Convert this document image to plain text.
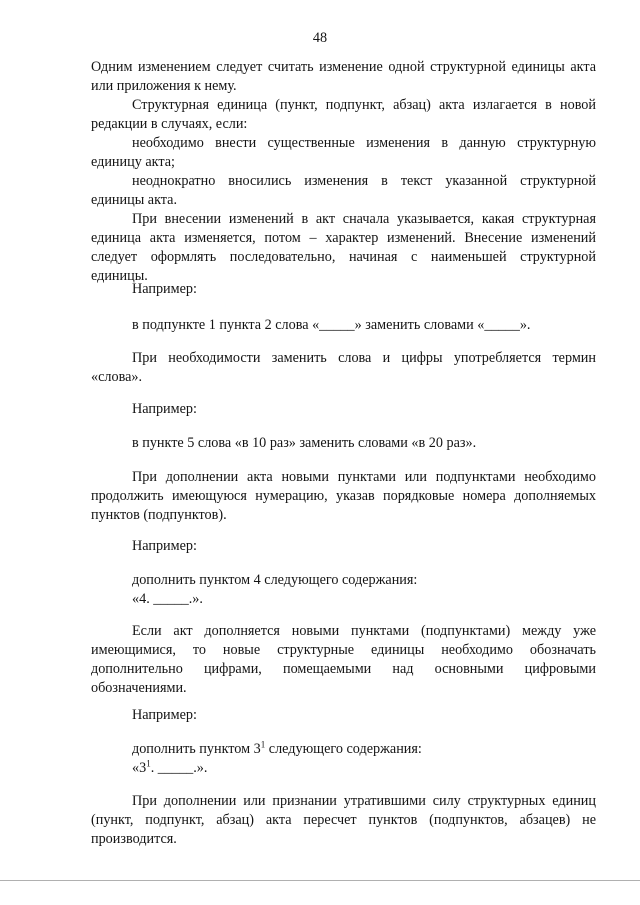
48

Одним изменением следует считать изменение одной структурной единицы акта или приложения к нему.

Структурная единица (пункт, подпункт, абзац) акта излагается в новой редакции в случаях, если:

необходимо внести существенные изменения в данную структурную единицу акта;

неоднократно вносились изменения в текст указанной структурной единицы акта.

При внесении изменений в акт сначала указывается, какая структурная единица акта изменяется, потом – характер изменений. Внесение изменений следует оформлять последовательно, начиная с наименьшей структурной единицы.

Например:

в подпункте 1 пункта 2 слова «_____» заменить словами «_____».

При необходимости заменить слова и цифры употребляется термин «слова».

Например:

в пункте 5 слова «в 10 раз» заменить словами «в 20 раз».

При дополнении акта новыми пунктами или подпунктами необходимо продолжить имеющуюся нумерацию, указав порядковые номера дополняемых пунктов (подпунктов).

Например:

дополнить пунктом 4 следующего содержания:

«4. _____.».

Если акт дополняется новыми пунктами (подпунктами) между уже имеющимися, то новые структурные единицы необходимо обозначать дополнительно цифрами, помещаемыми над основными цифровыми обозначениями.

Например:

дополнить пунктом $3^1$ следующего содержания:

«$3^1$. _____.».

При дополнении или признании утратившими силу структурных единиц (пункт, подпункт, абзац) акта пересчет пунктов (подпунктов, абзацев) не производится.
